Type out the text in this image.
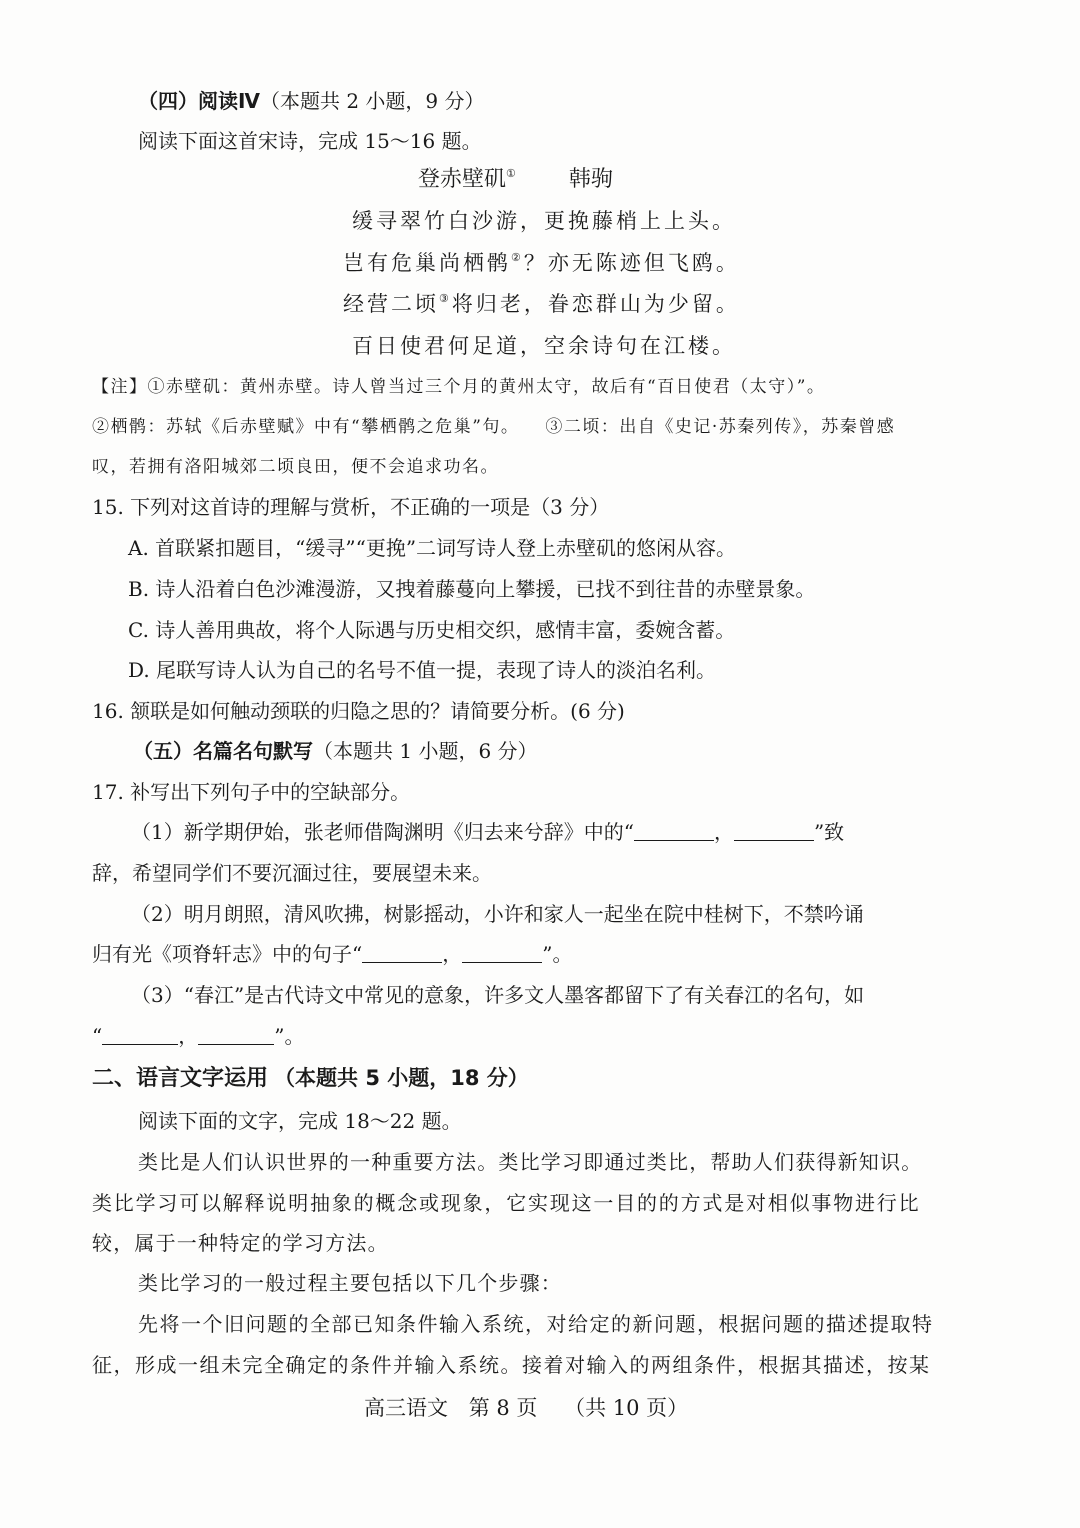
（四）阅读Ⅳ（本题共 2 小题，9 分）
阅读下面这首宋诗，完成 15～16 题。
登赤壁矶① 韩驹
缓寻翠竹白沙游，更挽藤梢上上头。
岂有危巢尚栖鹘②？亦无陈迹但飞鸥。
经营二顷③将归老，眷恋群山为少留。
百日使君何足道，空余诗句在江楼。
【注】①赤壁矶：黄州赤壁。诗人曾当过三个月的黄州太守，故后有“百日使君（太守）”。
②栖鹘：苏轼《后赤壁赋》中有“攀栖鹘之危巢”句。 ③二顷：出自《史记·苏秦列传》，苏秦曾感
叹，若拥有洛阳城郊二顷良田，便不会追求功名。
15. 下列对这首诗的理解与赏析，不正确的一项是（3 分）
A. 首联紧扣题目，“缓寻”“更挽”二词写诗人登上赤壁矶的悠闲从容。
B. 诗人沿着白色沙滩漫游，又拽着藤蔓向上攀援，已找不到往昔的赤壁景象。
C. 诗人善用典故，将个人际遇与历史相交织，感情丰富，委婉含蓄。
D. 尾联写诗人认为自己的名号不值一提，表现了诗人的淡泊名利。
16. 颔联是如何触动颈联的归隐之思的？请简要分析。(6 分)
（五）名篇名句默写（本题共 1 小题，6 分）
17. 补写出下列句子中的空缺部分。
（1）新学期伊始，张老师借陶渊明《归去来兮辞》中的“	，	”致
辞，希望同学们不要沉湎过往，要展望未来。
（2）明月朗照，清风吹拂，树影摇动，小许和家人一起坐在院中桂树下，不禁吟诵
归有光《项脊轩志》中的句子“	，	”。
（3）“春江”是古代诗文中常见的意象，许多文人墨客都留下了有关春江的名句，如
“	，	”。
二、语言文字运用 （本题共 5 小题，18 分）
阅读下面的文字，完成 18～22 题。
类比是人们认识世界的一种重要方法。类比学习即通过类比，帮助人们获得新知识。
类比学习可以解释说明抽象的概念或现象，它实现这一目的的方式是对相似事物进行比
较，属于一种特定的学习方法。
类比学习的一般过程主要包括以下几个步骤：
先将一个旧问题的全部已知条件输入系统，对给定的新问题，根据问题的描述提取特
征，形成一组未完全确定的条件并输入系统。接着对输入的两组条件，根据其描述，按某
高三语文 第 8 页 （共 10 页）
